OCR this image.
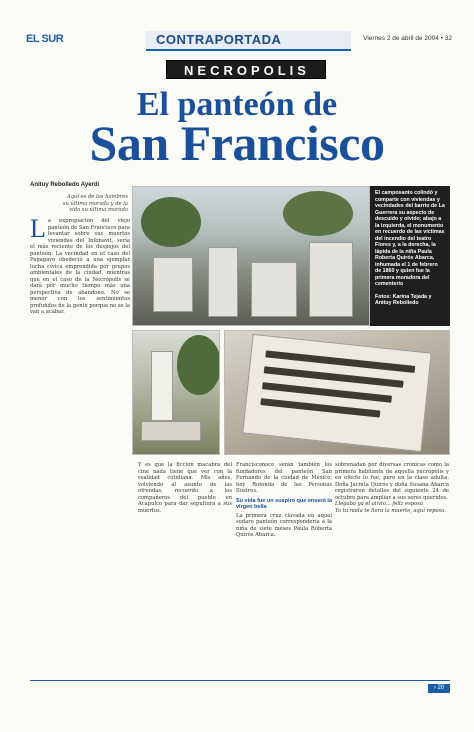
EL SUR	CONTRAPORTADA	Viernes 2 de abril de 2004 • 32
NECROPOLIS
El panteón de
San Francisco
Anituy Rebolledo Ayerdi
Aquí es de los hombres su última morada y de la vida su última morada
L a expropiación del viejo panteón de San Francisco para levantar sobre sus muertos viviendas del Infonavit, sería el más reciente de los despojos del panteón. La vecindad en el caso del Papagayo obedeció a una ejemplar lucha cívica emprendida por grupos ambientales de la ciudad, mientras que en el caso de la Necrópolis se dará por mucho tiempo más una perspectiva de abandono. No se menor con los sentimientos profundos de la gente porque no se la van a acabar.
El camposanto colindó y comparte con viviendas y vecindades del barrio de La Guerrera su aspecto de descuido y olvido; abajo a la izquierda, el monumento en recuerdo de las víctimas del incendio del teatro Flores y, a la derecha, la lápida de la niña Paula Roberta Quirós Abarca, inhumada el 1 de febrero de 1860 y quien fue la primera moradora del cementerio
Fotos: Karina Tejada y Anituy Rebolledo
Y es que la ficción macabra del cine nada tiene que ver con la realidad cotidiana. Mis años, volviendo al asunto de las ofrendas, recuerdo a los compañeros del pueblo en Acapulco para dar sepultura a sus muertos.

Francisconoce serán también los fundadores del panteón San Fernando de la ciudad de México, hoy Rotonda de las Personas Ilustres.

Su vida fue un suspiro que enseró la virgen bella

La primera cruz clavada en aquel sodaro panteón correspondería a la niña de siete meses Paula Roberta Quirós Abarca.

sobrenadan por diversas crónicas como la primera habitante de aquella necrópolis y en efecto lo fue, pero en la clase adulta. Doña Jacinta Quirós y doña Susana Abarca registraron detalles del siguiente 24 de octubre para ampliar a sus seres queridos.

Llegaba ya el alivio... feliz esposa

Ya tu nada te llora la muerte, aquí reposa.

› 20
